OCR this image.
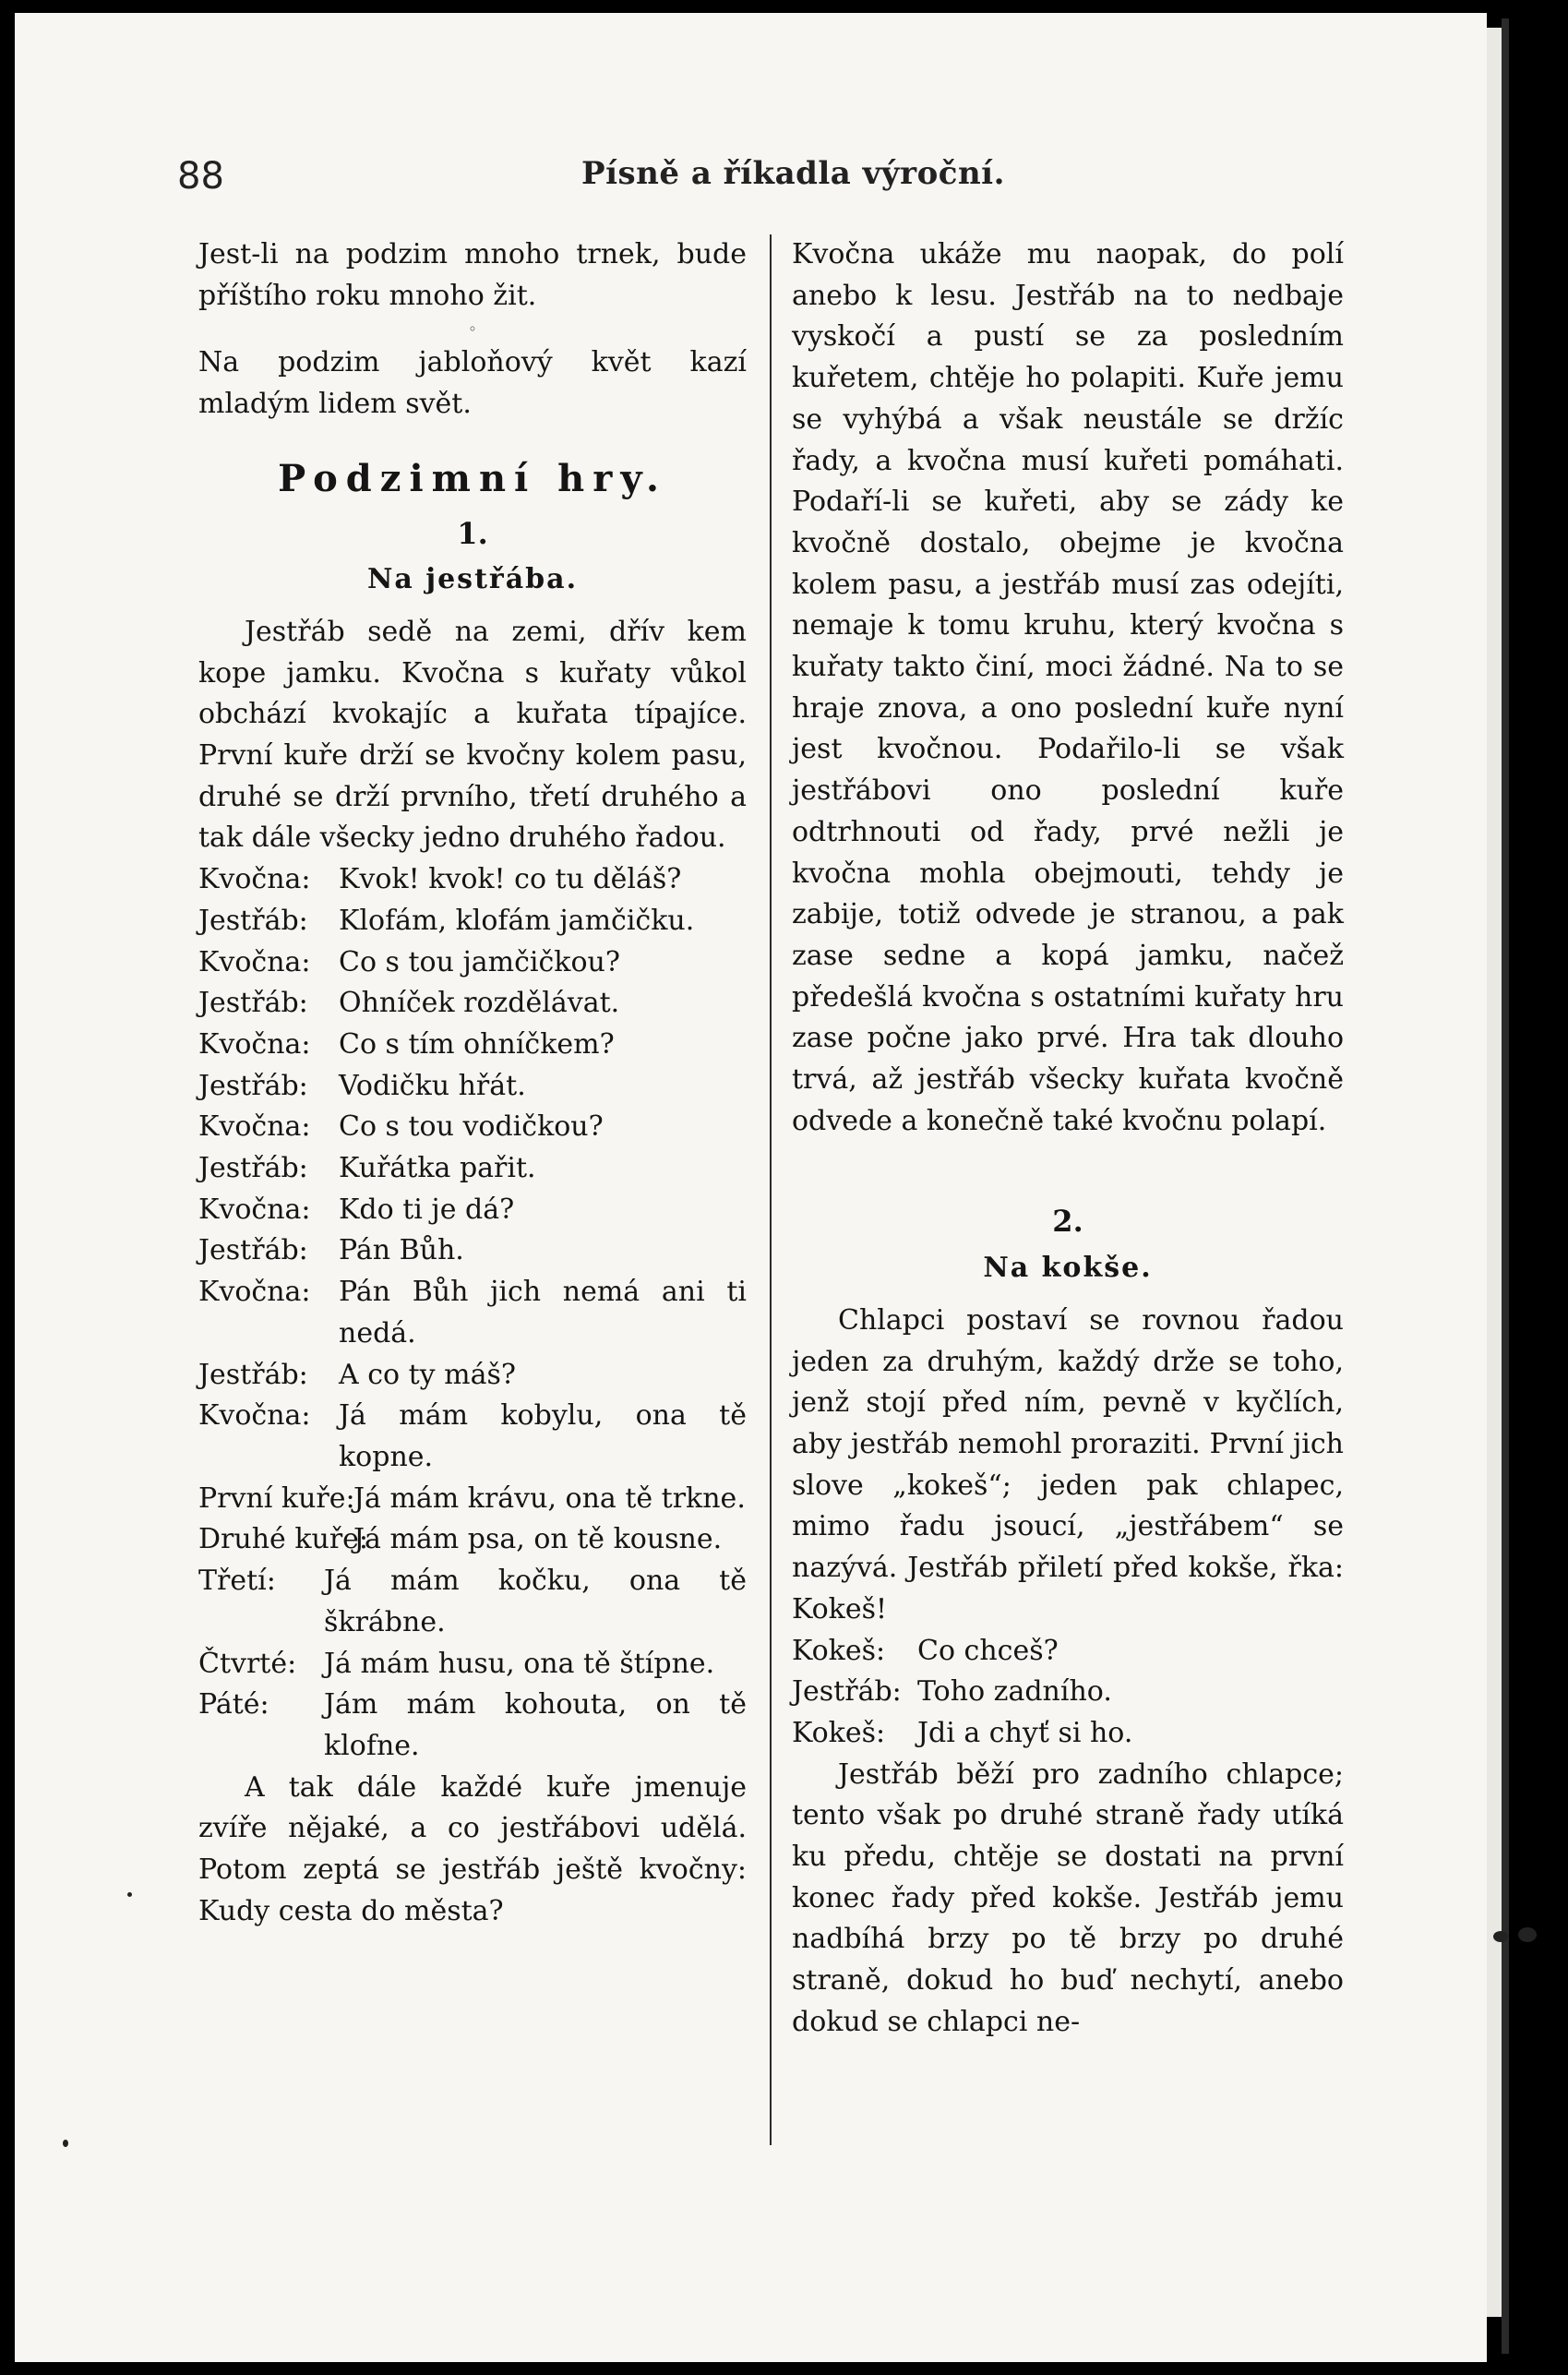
88	Písně a říkadla výroční.

Jest-li na podzim mnoho trnek, bude příštího roku mnoho žit.

◦

Na podzim jabloňový květ kazí mladým lidem svět.

Podzimní hry.
1.
Na jestřába.

Jestřáb sedě na zemi, dřív kem kope jamku. Kvočna s kuřaty vůkol obchází kvokajíc a kuřata típajíce. První kuře drží se kvočny kolem pasu, druhé se drží prvního, třetí druhého a tak dále všecky jedno druhého řadou.

Kvočna:	Kvok! kvok! co tu děláš?
Jestřáb:	Klofám, klofám jamčičku.
Kvočna:	Co s tou jamčičkou?
Jestřáb:	Ohníček rozdělávat.
Kvočna:	Co s tím ohníčkem?
Jestřáb:	Vodičku hřát.
Kvočna:	Co s tou vodičkou?
Jestřáb:	Kuřátka pařit.
Kvočna:	Kdo ti je dá?
Jestřáb:	Pán Bůh.
Kvočna:	Pán Bůh jich nemá ani ti nedá.
Jestřáb:	A co ty máš?
Kvočna:	Já mám kobylu, ona tě kopne.
První kuře:
Já mám krávu, ona tě trkne.
Druhé kuře:
Já mám psa, on tě kousne.
Třetí:	Já mám kočku, ona tě škrábne.
Čtvrté: Já mám husu, ona tě štípne.
Páté:	Jám mám kohouta, on tě klofne.

A tak dále každé kuře jmenuje zvíře nějaké, a co jestřábovi udělá. Potom zeptá se jestřáb ještě kvočny: Kudy cesta do města?

Kvočna ukáže mu naopak, do polí anebo k lesu. Jestřáb na to nedbaje vyskočí a pustí se za posledním kuřetem, chtěje ho polapiti. Kuře jemu se vyhýbá a však neustále se držíc řady, a kvočna musí kuřeti pomáhati. Podaří-li se kuřeti, aby se zády ke kvočně dostalo, obejme je kvočna kolem pasu, a jestřáb musí zas odejíti, nemaje k tomu kruhu, který kvočna s kuřaty takto činí, moci žádné. Na to se hraje znova, a ono poslední kuře nyní jest kvočnou. Podařilo-li se však jestřábovi ono poslední kuře odtrhnouti od řady, prvé nežli je kvočna mohla obejmouti, tehdy je zabije, totiž odvede je stranou, a pak zase sedne a kopá jamku, načež předešlá kvočna s ostatními kuřaty hru zase počne jako prvé. Hra tak dlouho trvá, až jestřáb všecky kuřata kvočně odvede a konečně také kvočnu polapí.

2.
Na kokše.

Chlapci postaví se rovnou řadou jeden za druhým, každý drže se toho, jenž stojí před ním, pevně v kyčlích, aby jestřáb nemohl proraziti. První jich slove „kokeš“; jeden pak chlapec, mimo řadu jsoucí, „jestřábem“ se nazývá. Jestřáb přiletí před kokše, řka: Kokeš!

Kokeš:	Co chceš?
Jestřáb: Toho zadního.
Kokeš:	Jdi a chyť si ho.

Jestřáb běží pro zadního chlapce; tento však po druhé straně řady utíká ku předu, chtěje se dostati na první konec řady před kokše. Jestřáb jemu nadbíhá brzy po tě brzy po druhé straně, dokud ho buď nechytí, anebo dokud se chlapci ne-
